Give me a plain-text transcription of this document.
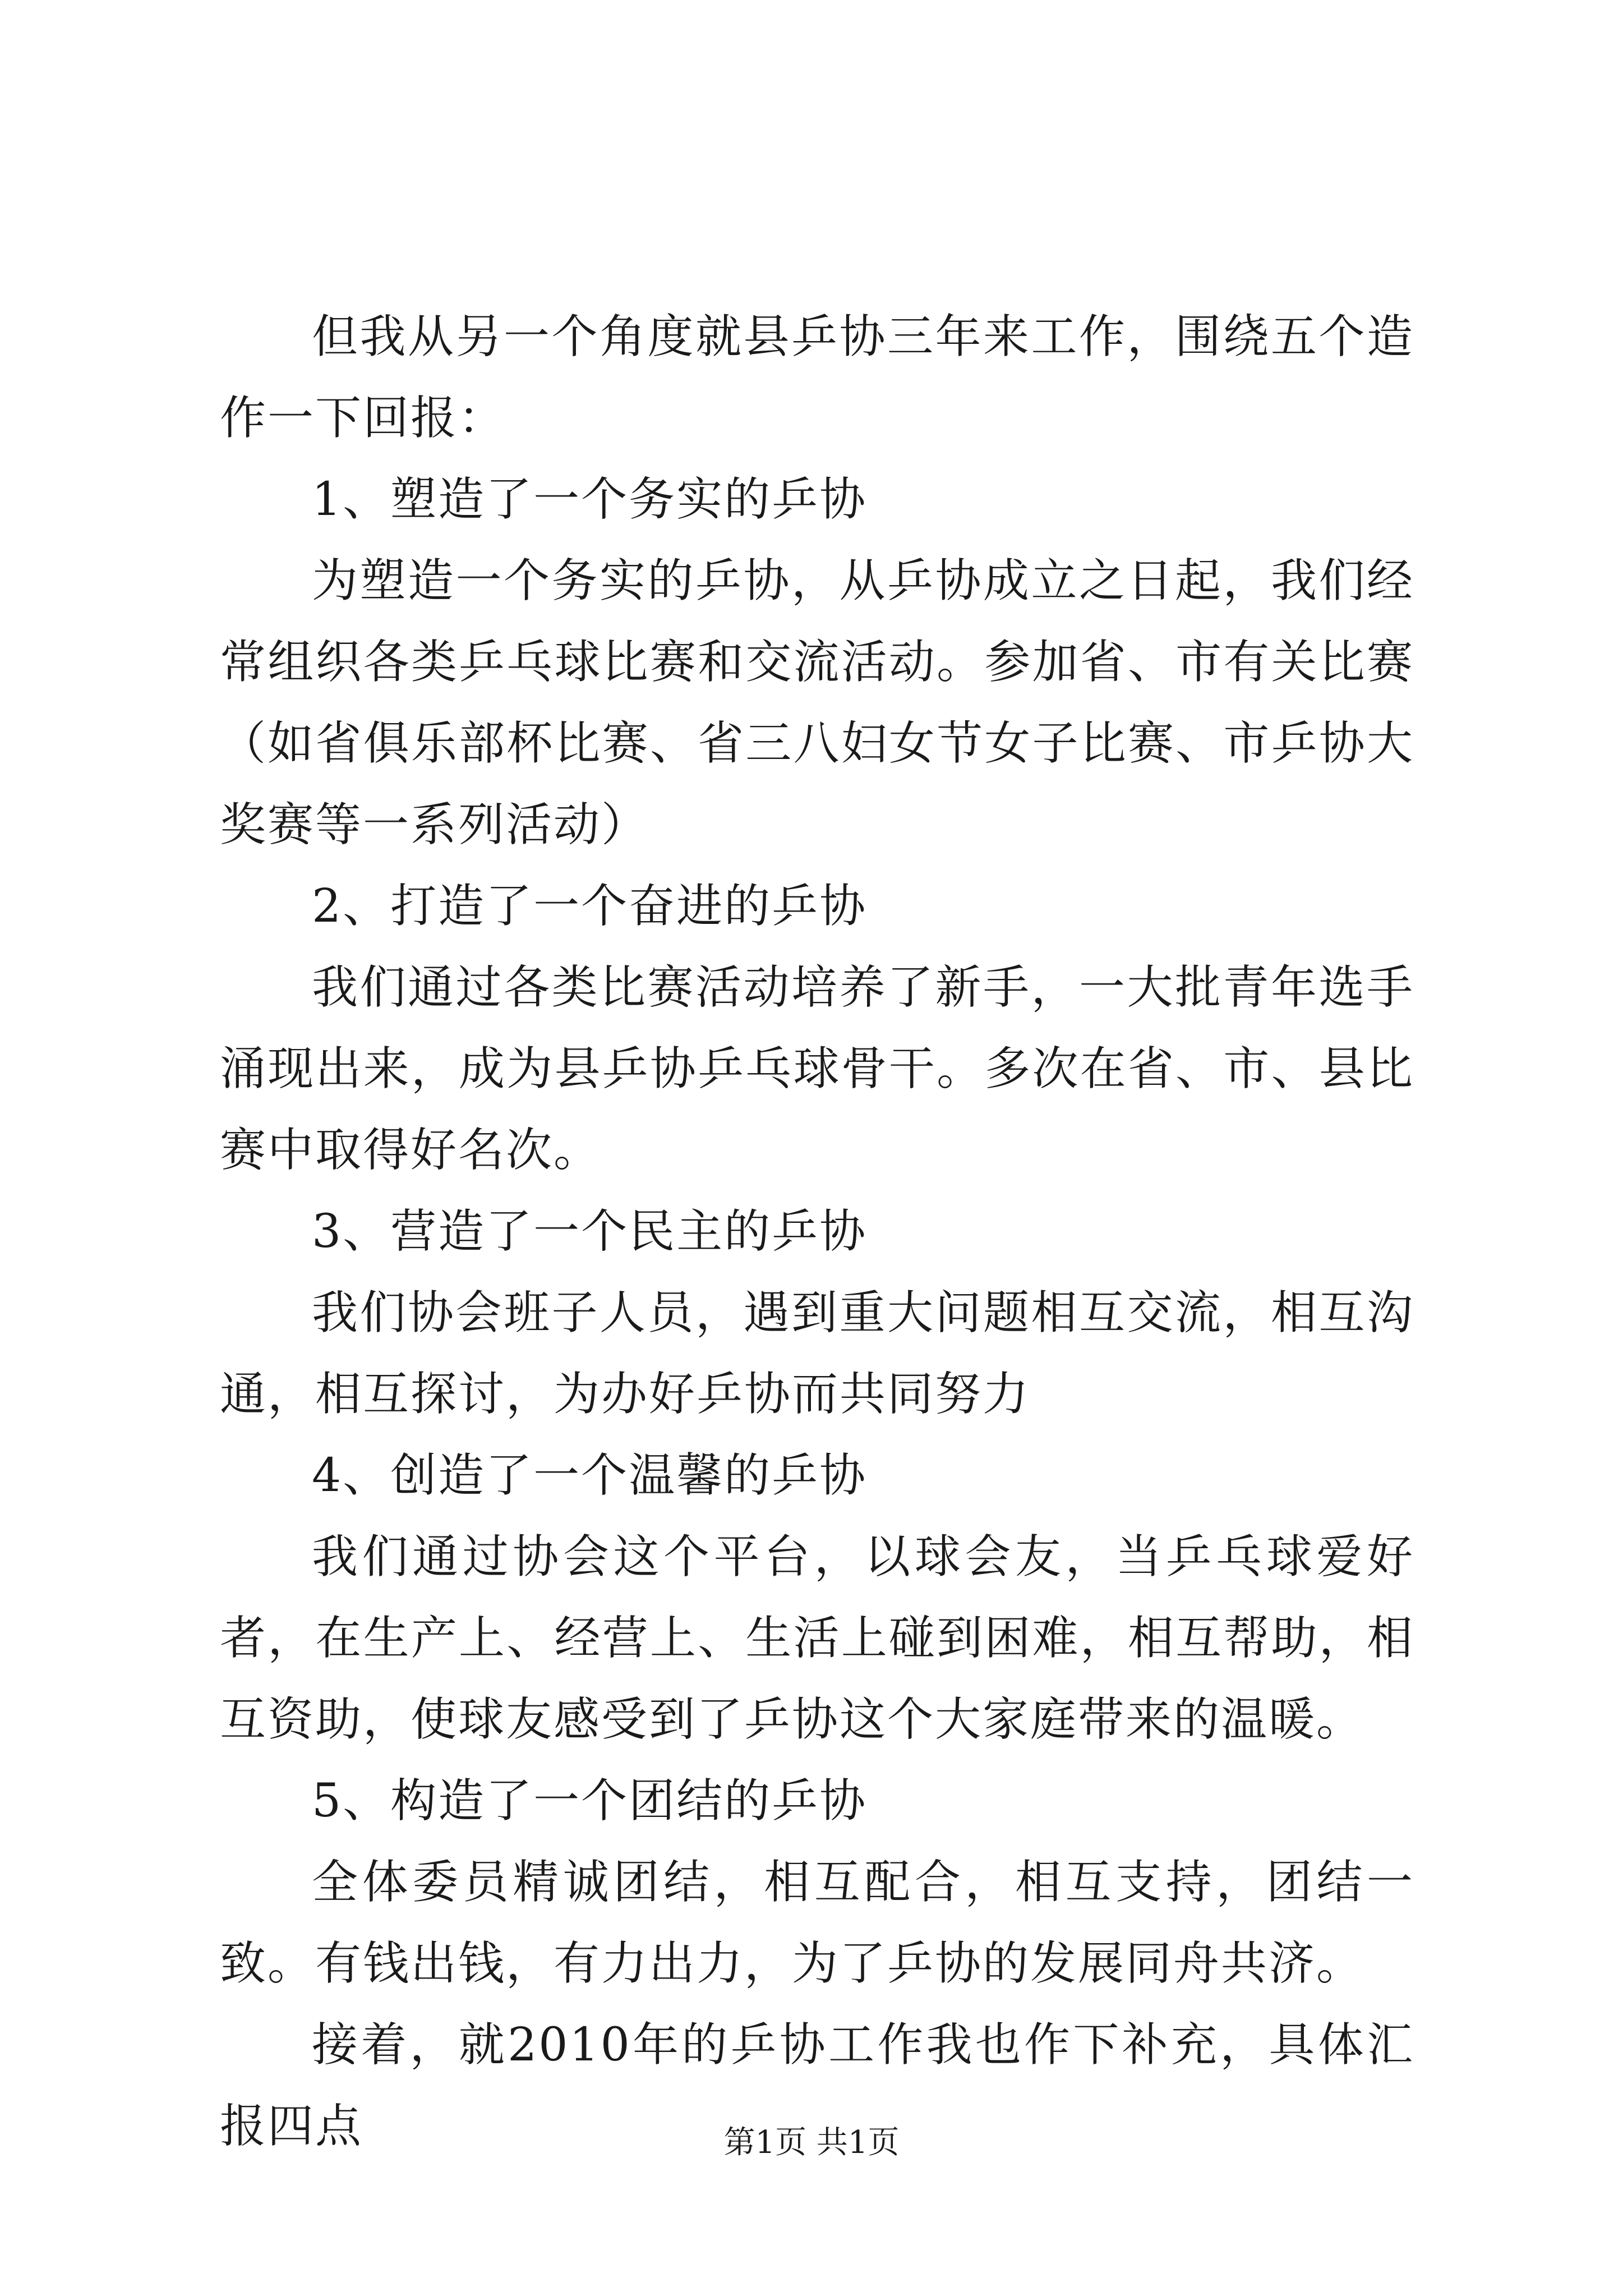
但我从另一个角度就县乒协三年来工作，围绕五个造作一下回报：

1、塑造了一个务实的乒协

为塑造一个务实的乒协，从乒协成立之日起，我们经常组织各类乒乓球比赛和交流活动。参加省、市有关比赛（如省俱乐部杯比赛、省三八妇女节女子比赛、市乒协大奖赛等一系列活动）

2、打造了一个奋进的乒协

我们通过各类比赛活动培养了新手，一大批青年选手涌现出来，成为县乒协乒乓球骨干。多次在省、市、县比赛中取得好名次。

3、营造了一个民主的乒协

我们协会班子人员，遇到重大问题相互交流，相互沟通，相互探讨，为办好乒协而共同努力

4、创造了一个温馨的乒协

我们通过协会这个平台，以球会友，当乒乓球爱好者，在生产上、经营上、生活上碰到困难，相互帮助，相互资助，使球友感受到了乒协这个大家庭带来的温暖。

5、构造了一个团结的乒协

全体委员精诚团结，相互配合，相互支持，团结一致。有钱出钱，有力出力，为了乒协的发展同舟共济。

接着，就2010年的乒协工作我也作下补充，具体汇报四点	第1页 共1页
